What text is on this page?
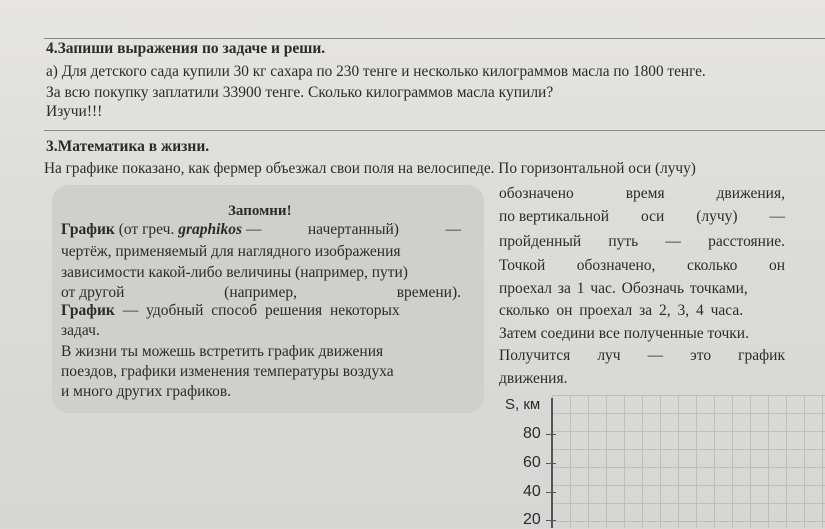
4.Запиши выражения по задаче и реши.
а) Для детского сада купили 30 кг сахара по 230 тенге и несколько килограммов масла по 1800 тенге.
За всю покупку заплатили 33900 тенге. Сколько килограммов масла купили?
Изучи!!!
3.Математика в жизни.
На графике показано, как фермер объезжал свои поля на велосипеде. По горизонтальной оси (лучу)
Запомни!
График (от греч. graphikos —	начертанный)	—
чертёж, применяемый для наглядного изображения
зависимости какой-либо величины (например, пути)
от другой	(например,	времени).
График — удобный способ решения некоторых
задач.
В жизни ты можешь встретить график движения
поездов, графики изменения температуры воздуха
и много других графиков.
обозначено	время	движения,
по вертикальной оси (лучу) —
пройденный путь — расстояние.
Точкой обозначено, сколько он
проехал за 1 час. Обозначь точками,
сколько он проехал за 2, 3, 4 часа.
Затем соедини все полученные точки.
Получится луч — это график
движения.
S, км
80
60
40
20
